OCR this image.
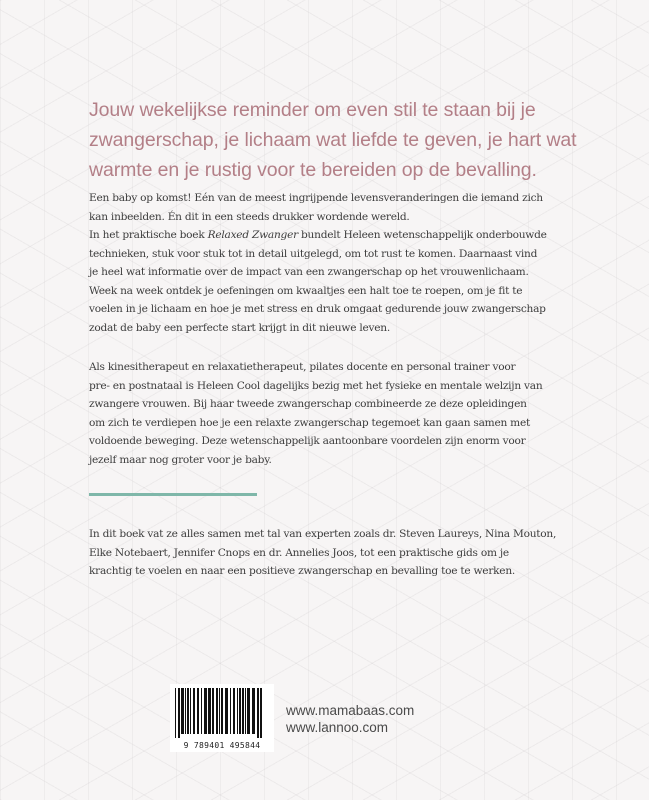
Jouw wekelijkse reminder om even stil te staan bij je zwangerschap, je lichaam wat liefde te geven, je hart wat warmte en je rustig voor te bereiden op de bevalling.

Een baby op komst! Eén van de meest ingrijpende levensveranderingen die iemand zich
kan inbeelden. Én dit in een steeds drukker wordende wereld.
In het praktische boek Relaxed Zwanger bundelt Heleen wetenschappelijk onderbouwde
technieken, stuk voor stuk tot in detail uitgelegd, om tot rust te komen. Daarnaast vind
je heel wat informatie over de impact van een zwangerschap op het vrouwenlichaam.
Week na week ontdek je oefeningen om kwaaltjes een halt toe te roepen, om je fit te
voelen in je lichaam en hoe je met stress en druk omgaat gedurende jouw zwangerschap
zodat de baby een perfecte start krijgt in dit nieuwe leven.
Als kinesitherapeut en relaxatietherapeut, pilates docente en personal trainer voor
pre- en postnataal is Heleen Cool dagelijks bezig met het fysieke en mentale welzijn van
zwangere vrouwen. Bij haar tweede zwangerschap combineerde ze deze opleidingen
om zich te verdiepen hoe je een relaxte zwangerschap tegemoet kan gaan samen met
voldoende beweging. Deze wetenschappelijk aantoonbare voordelen zijn enorm voor
jezelf maar nog groter voor je baby.
In dit boek vat ze alles samen met tal van experten zoals dr. Steven Laureys, Nina Mouton,
Elke Notebaert, Jennifer Cnops en dr. Annelies Joos, tot een praktische gids om je
krachtig te voelen en naar een positieve zwangerschap en bevalling toe te werken.
9 789401 495844
www.mamabaas.com
www.lannoo.com
